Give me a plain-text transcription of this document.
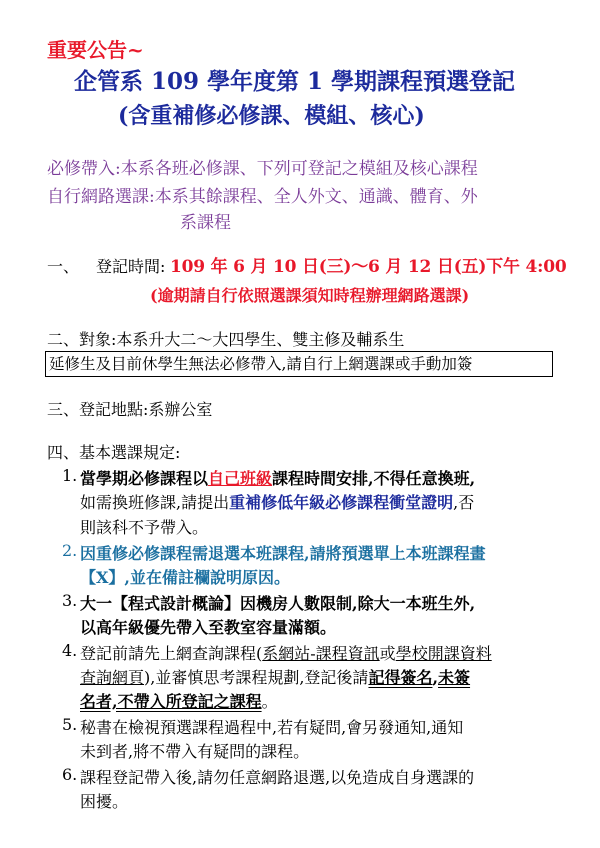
重要公告~
企管系 109 學年度第 1 學期課程預選登記
(含重補修必修課、模組、核心)
必修帶入:本系各班必修課、下列可登記之模組及核心課程
自行網路選課:本系其餘課程、全人外文、通識、體育、外
系課程
一、 登記時間: 109 年 6 月 10 日(三)〜6 月 12 日(五)下午 4:00
(逾期請自行依照選課須知時程辦理網路選課)
二、對象:本系升大二〜大四學生、雙主修及輔系生
延修生及目前休學生無法必修帶入,請自行上網選課或手動加簽
三、登記地點:系辦公室
四、基本選課規定:
1. 當學期必修課程以自己班級課程時間安排,不得任意換班,
如需換班修課,請提出重補修低年級必修課程衝堂證明,否
則該科不予帶入。
2. 因重修必修課程需退選本班課程,請將預選單上本班課程畫
【X】,並在備註欄說明原因。
3. 大一【程式設計概論】因機房人數限制,除大一本班生外,
以高年級優先帶入至教室容量滿額。
4. 登記前請先上網查詢課程(系網站-課程資訊或學校開課資料
查詢網頁),並審慎思考課程規劃,登記後請記得簽名,未簽
名者,不帶入所登記之課程。
5. 秘書在檢視預選課程過程中,若有疑問,會另發通知,通知
未到者,將不帶入有疑問的課程。
6. 課程登記帶入後,請勿任意網路退選,以免造成自身選課的
困擾。
